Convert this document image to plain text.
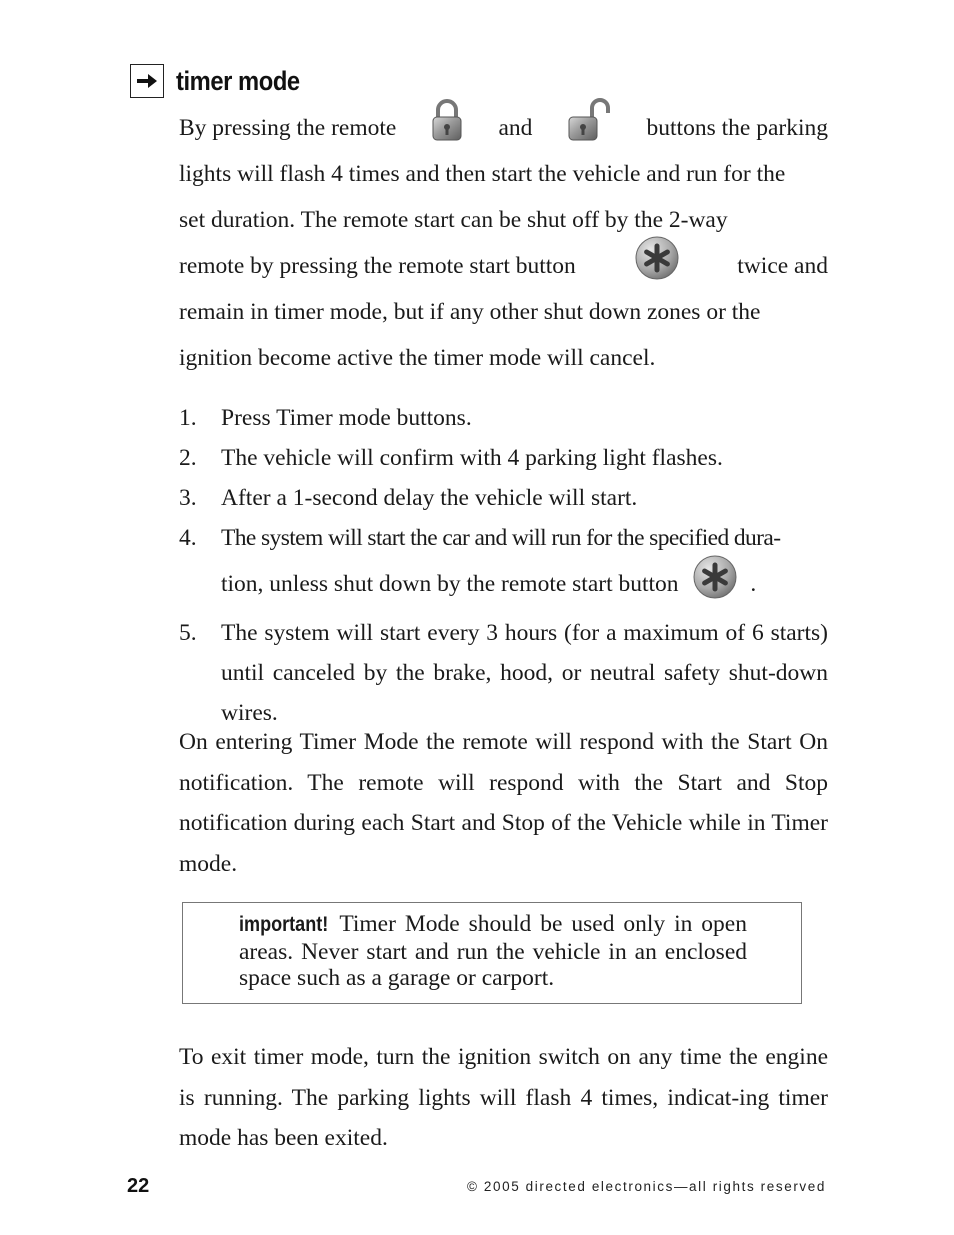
timer mode
By pressing the remote	and	buttons the parking
lights will flash 4 times and then start the vehicle and run for the
set duration. The remote start can be shut off by the 2-way
remote by pressing the remote start button	twice and
remain in timer mode, but if any other shut down zones or the
ignition become active the timer mode will cancel.
1. Press Timer mode buttons.
2. The vehicle will confirm with 4 parking light flashes.
3. After a 1-second delay the vehicle will start.
4. The system will start the car and will run for the specified dura-
tion, unless shut down by the remote start button	.
5. The system will start every 3 hours (for a maximum of 6 starts) until canceled by the brake, hood, or neutral safety shut-down wires.
On entering Timer Mode the remote will respond with the Start On notification. The remote will respond with the Start and Stop notification during each Start and Stop of the Vehicle while in Timer mode.
important! Timer Mode should be used only in open areas. Never start and run the vehicle in an enclosed space such as a garage or carport.
To exit timer mode, turn the ignition switch on any time the engine is running. The parking lights will flash 4 times, indicat-ing timer mode has been exited.
22	© 2005 directed electronics—all rights reserved
